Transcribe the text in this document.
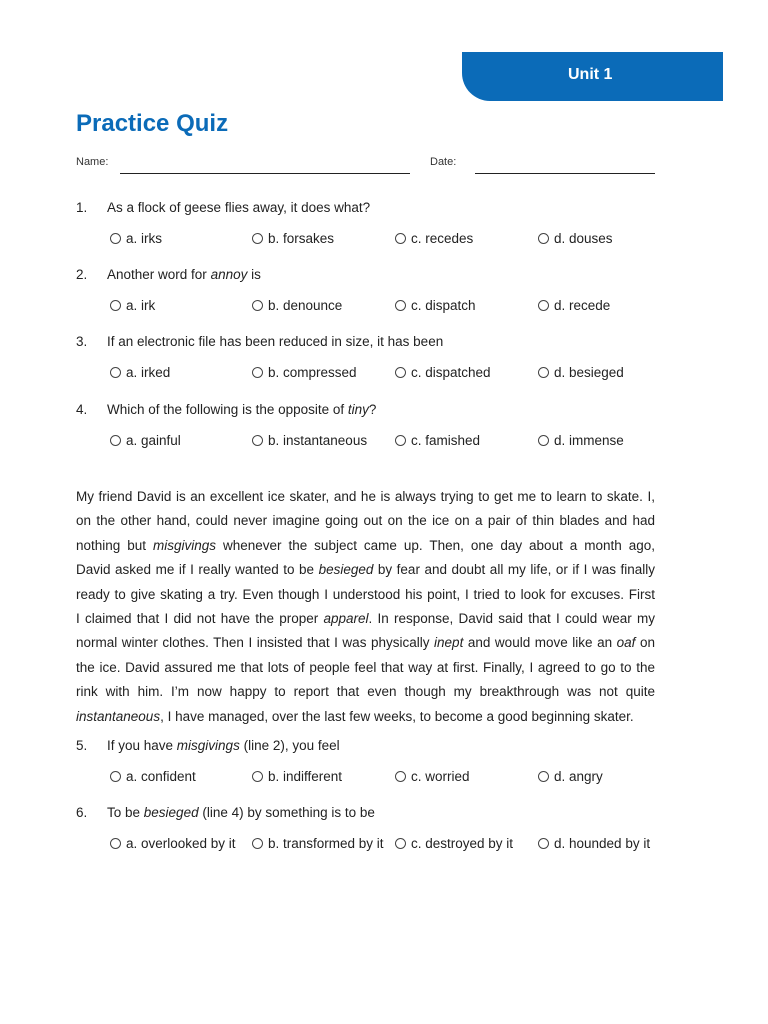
Unit 1
Practice Quiz
Name:	Date:
1. As a flock of geese flies away, it does what?
a. irks	b. forsakes	c. recedes	d. douses
2. Another word for annoy is
a. irk	b. denounce	c. dispatch	d. recede
3. If an electronic file has been reduced in size, it has been
a. irked	b. compressed	c. dispatched	d. besieged
4. Which of the following is the opposite of tiny?
a. gainful	b. instantaneous	c. famished	d. immense

My friend David is an excellent ice skater, and he is always trying to get me to learn to skate. I,
on the other hand, could never imagine going out on the ice on a pair of thin blades and had
nothing but misgivings whenever the subject came up. Then, one day about a month ago,
David asked me if I really wanted to be besieged by fear and doubt all my life, or if I was finally
ready to give skating a try. Even though I understood his point, I tried to look for excuses. First
I claimed that I did not have the proper apparel. In response, David said that I could wear my
normal winter clothes. Then I insisted that I was physically inept and would move like an oaf on
the ice. David assured me that lots of people feel that way at first. Finally, I agreed to go to the
rink with him. I’m now happy to report that even though my breakthrough was not quite
instantaneous, I have managed, over the last few weeks, to become a good beginning skater.

5. If you have misgivings (line 2), you feel
a. confident	b. indifferent	c. worried	d. angry
6. To be besieged (line 4) by something is to be
a. overlooked by it	b. transformed by it	c. destroyed by it	d. hounded by it
